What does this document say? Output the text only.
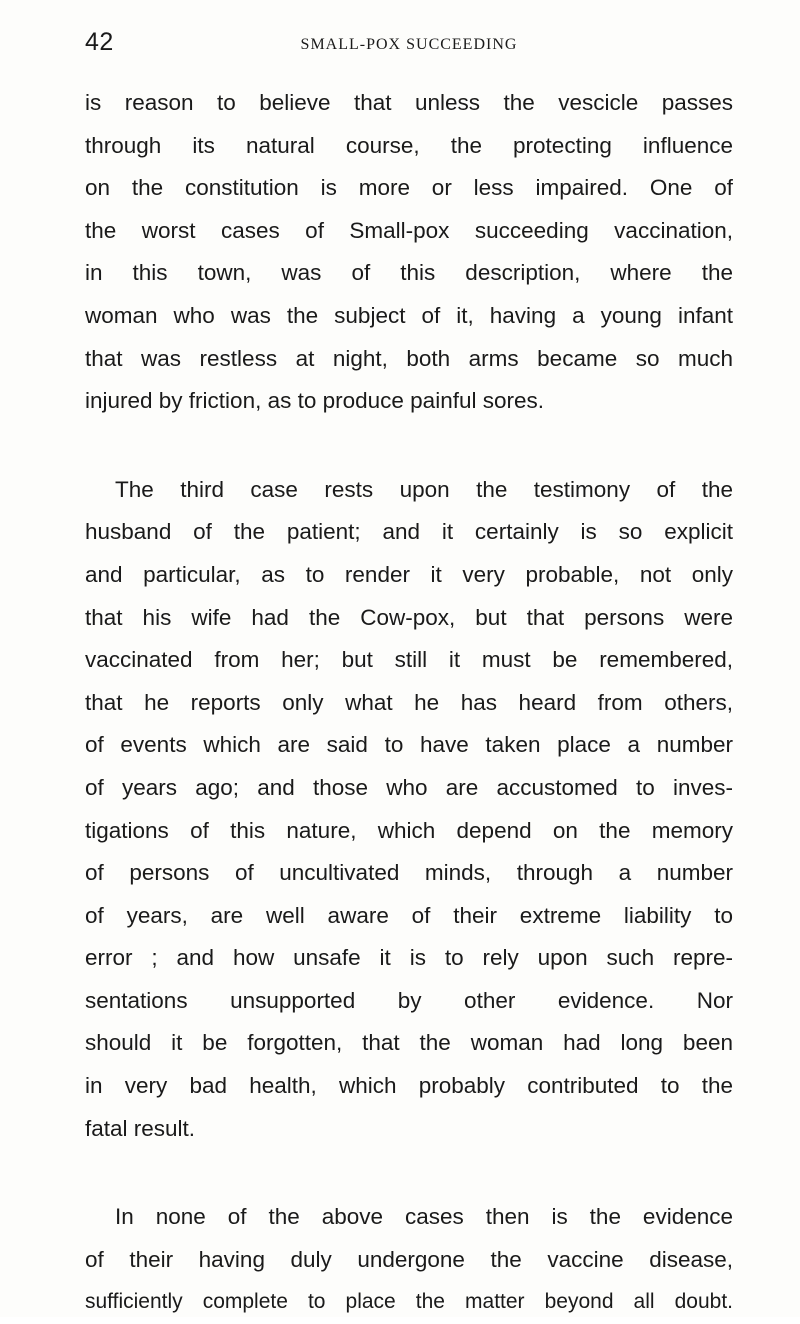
42	SMALL-POX SUCCEEDING
is reason to believe that unless the vescicle passes
through its natural course, the protecting influence
on the constitution is more or less impaired. One of
the worst cases of Small-pox succeeding vaccination,
in this town, was of this description, where the
woman who was the subject of it, having a young infant
that was restless at night, both arms became so much
injured by friction, as to produce painful sores.
The third case rests upon the testimony of the
husband of the patient; and it certainly is so explicit
and particular, as to render it very probable, not only
that his wife had the Cow-pox, but that persons were
vaccinated from her; but still it must be remembered,
that he reports only what he has heard from others,
of events which are said to have taken place a number
of years ago; and those who are accustomed to inves-
tigations of this nature, which depend on the memory
of persons of uncultivated minds, through a number
of years, are well aware of their extreme liability to
error ; and how unsafe it is to rely upon such repre-
sentations unsupported by other evidence. Nor
should it be forgotten, that the woman had long been
in very bad health, which probably contributed to the
fatal result.
In none of the above cases then is the evidence
of their having duly undergone the vaccine disease,
sufficiently complete to place the matter beyond all doubt.
